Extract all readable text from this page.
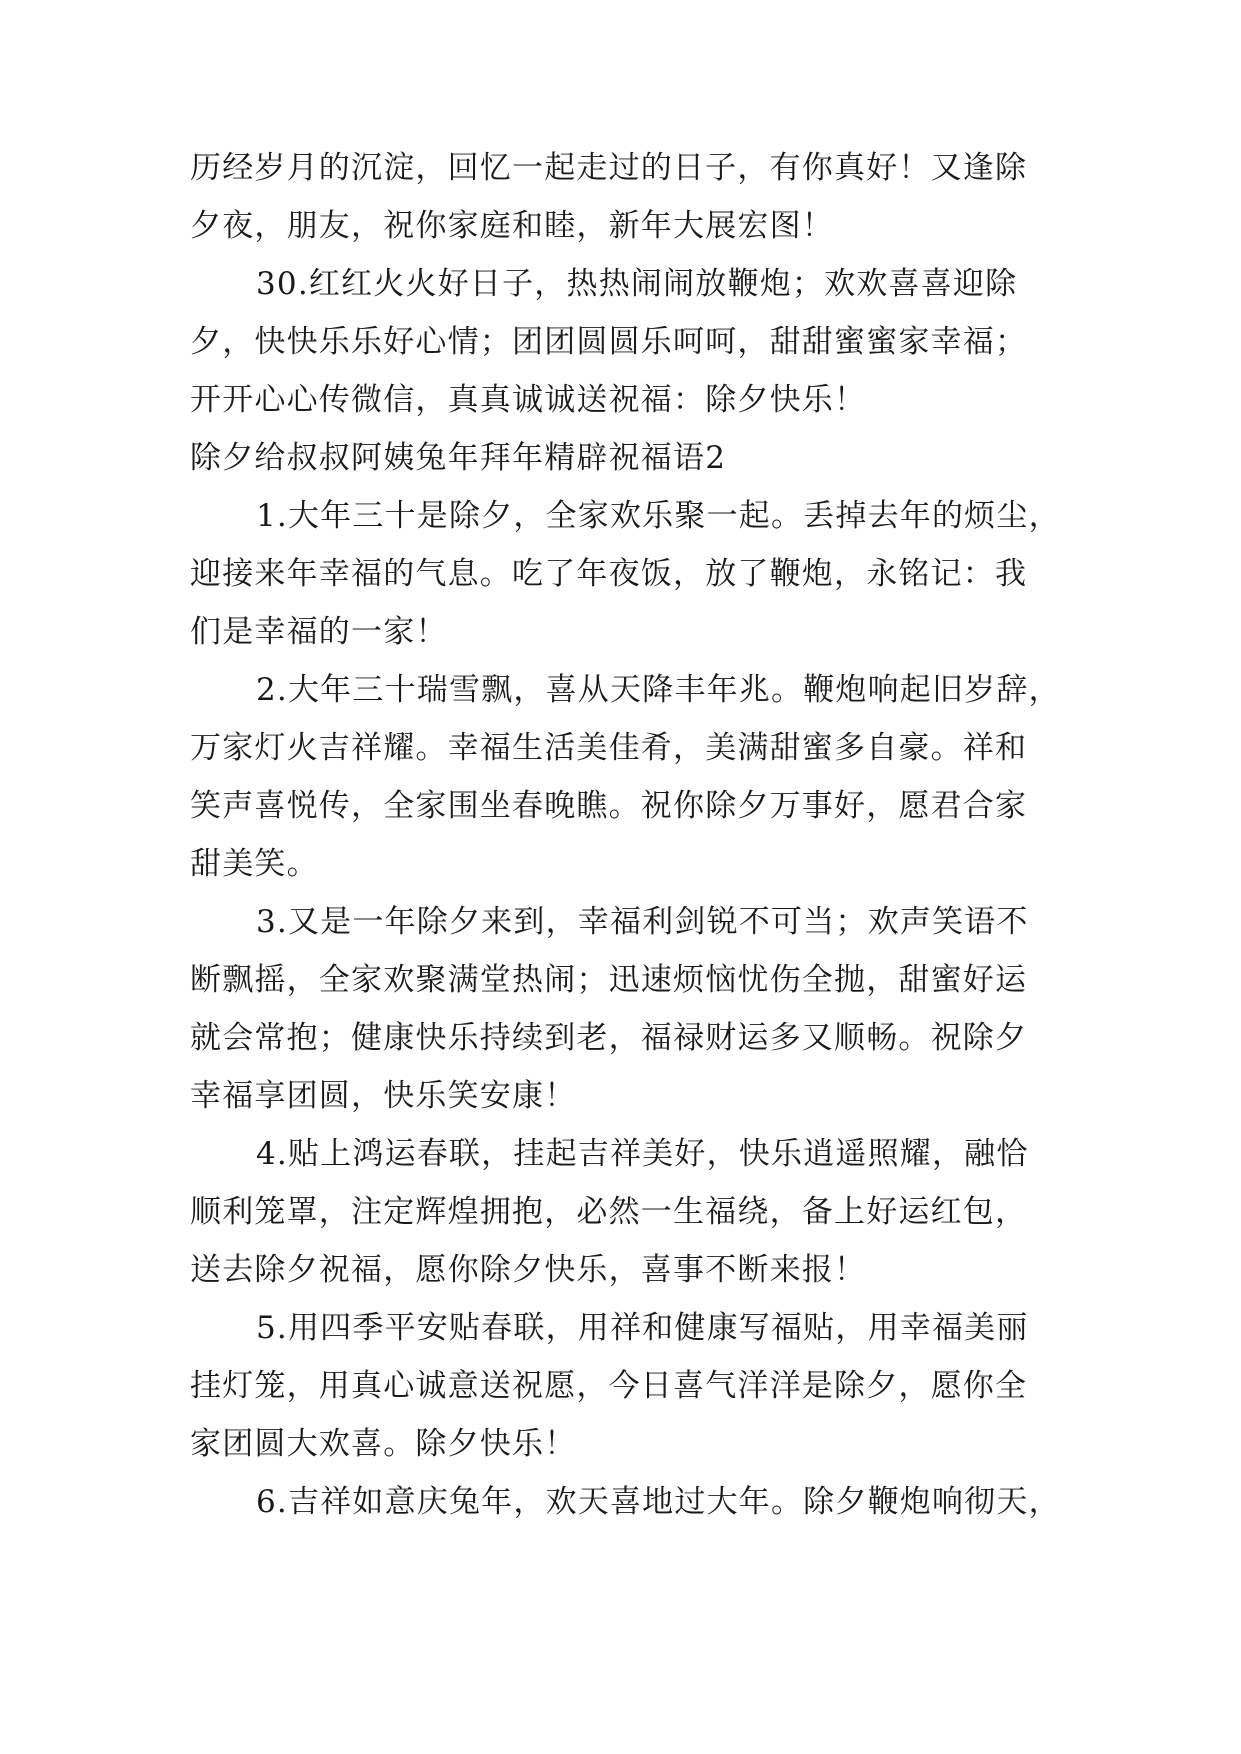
历经岁月的沉淀，回忆一起走过的日子，有你真好！又逢除
夕夜，朋友，祝你家庭和睦，新年大展宏图！
30.红红火火好日子，热热闹闹放鞭炮；欢欢喜喜迎除
夕，快快乐乐好心情；团团圆圆乐呵呵，甜甜蜜蜜家幸福；
开开心心传微信，真真诚诚送祝福：除夕快乐！
除夕给叔叔阿姨兔年拜年精辟祝福语2
1.大年三十是除夕，全家欢乐聚一起。丢掉去年的烦尘，
迎接来年幸福的气息。吃了年夜饭，放了鞭炮，永铭记：我
们是幸福的一家！
2.大年三十瑞雪飘，喜从天降丰年兆。鞭炮响起旧岁辞，
万家灯火吉祥耀。幸福生活美佳肴，美满甜蜜多自豪。祥和
笑声喜悦传，全家围坐春晚瞧。祝你除夕万事好，愿君合家
甜美笑。
3.又是一年除夕来到，幸福利剑锐不可当；欢声笑语不
断飘摇，全家欢聚满堂热闹；迅速烦恼忧伤全抛，甜蜜好运
就会常抱；健康快乐持续到老，福禄财运多又顺畅。祝除夕
幸福享团圆，快乐笑安康！
4.贴上鸿运春联，挂起吉祥美好，快乐逍遥照耀，融恰
顺利笼罩，注定辉煌拥抱，必然一生福绕，备上好运红包，
送去除夕祝福，愿你除夕快乐，喜事不断来报！
5.用四季平安贴春联，用祥和健康写福贴，用幸福美丽
挂灯笼，用真心诚意送祝愿，今日喜气洋洋是除夕，愿你全
家团圆大欢喜。除夕快乐！
6.吉祥如意庆兔年，欢天喜地过大年。除夕鞭炮响彻天，
